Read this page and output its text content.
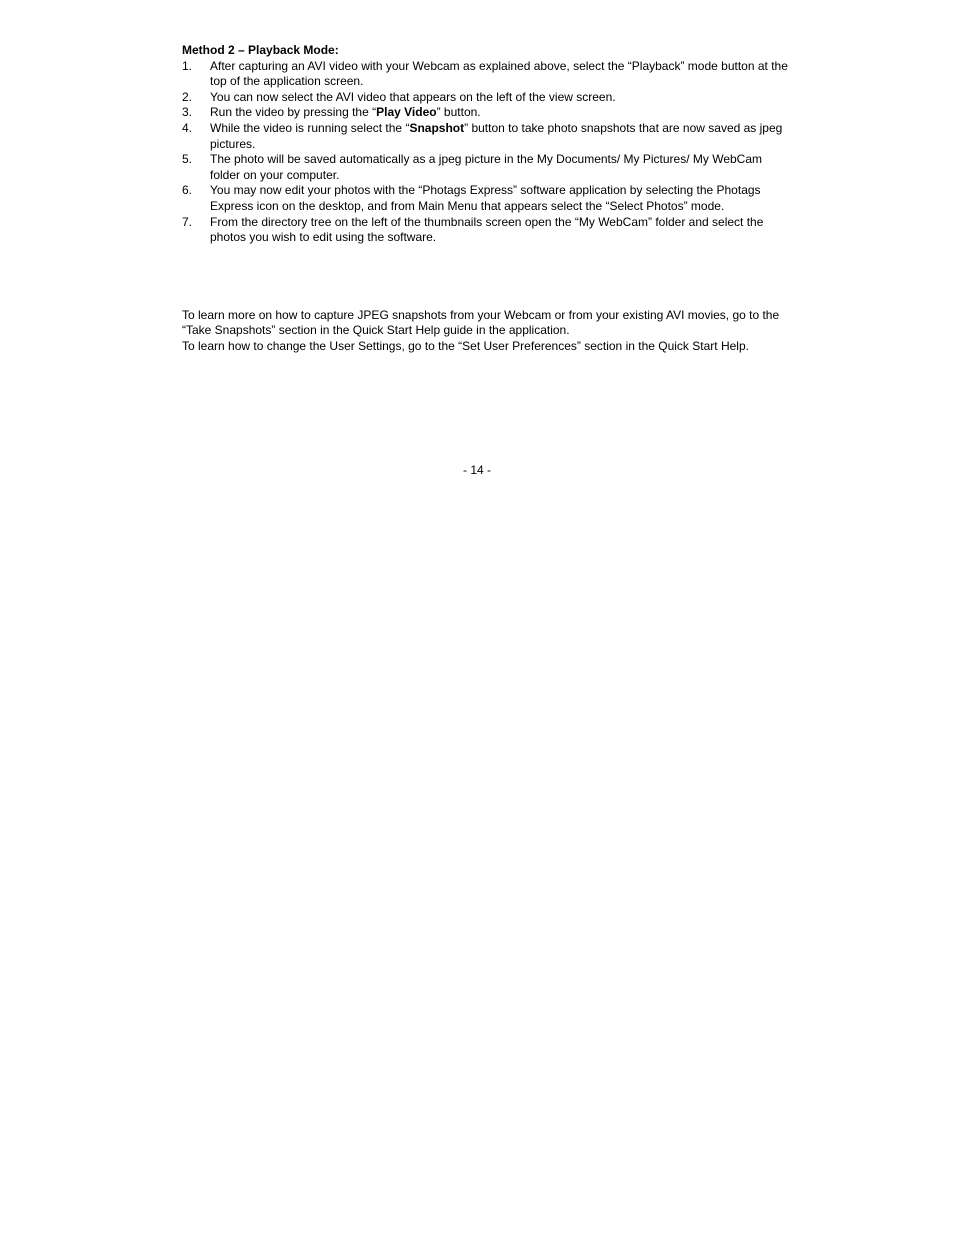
Method 2 – Playback Mode:

1.	After capturing an AVI video with your Webcam as explained above, select the “Playback” mode button at the top of the application screen.
2.	You can now select the AVI video that appears on the left of the view screen.
3.	Run the video by pressing the “Play Video” button.
4.	While the video is running select the “Snapshot” button to take photo snapshots that are now saved as jpeg pictures.
5.	The photo will be saved automatically as a jpeg picture in the My Documents/ My Pictures/ My WebCam folder on your computer.
6.	You may now edit your photos with the “Photags Express” software application by selecting the Photags Express icon on the desktop, and from Main Menu that appears select the “Select Photos” mode.
7.	From the directory tree on the left of the thumbnails screen open the “My WebCam” folder and select the photos you wish to edit using the software.

To learn more on how to capture JPEG snapshots from your Webcam or from your existing AVI movies, go to the “Take Snapshots” section in the Quick Start Help guide in the application.

To learn how to change the User Settings, go to the “Set User Preferences” section in the Quick Start Help.

- 14 -
